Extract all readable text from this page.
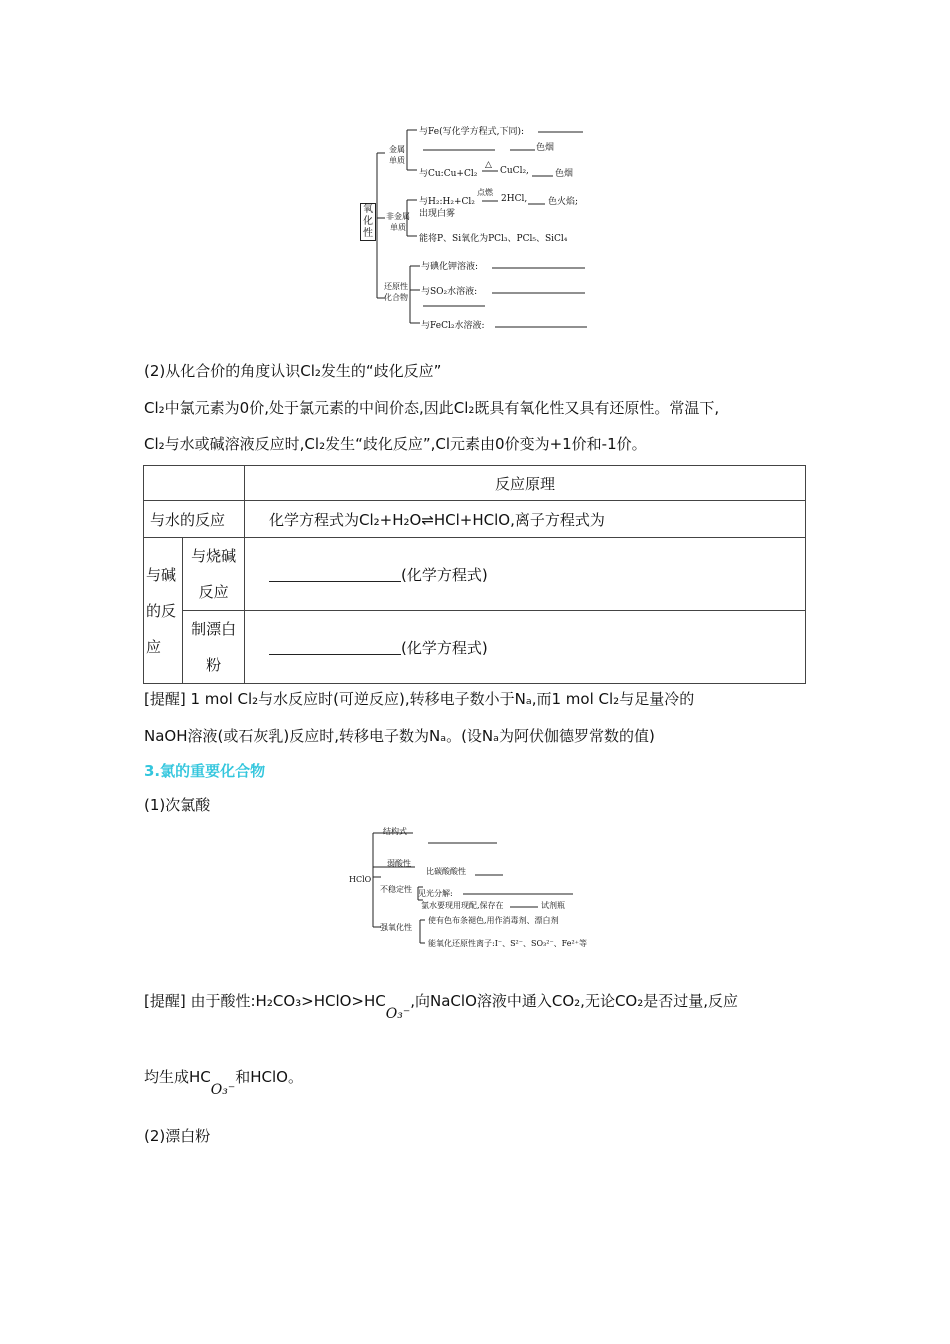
氧化性
金属单质
非金属单质
还原性化合物
与Fe(写化学方程式,下同):
色烟
与Cu:Cu+Cl₂
△
CuCl₂,	色烟
与H₂:H₂+Cl₂
点燃
2HCl, 色火焰;
出现白雾
能将P、Si氧化为PCl₃、PCl₅、SiCl₄
与碘化钾溶液:
与SO₂水溶液:
与FeCl₂水溶液:
(2)从化合价的角度认识Cl₂发生的“歧化反应”
Cl₂中氯元素为0价,处于氯元素的中间价态,因此Cl₂既具有氧化性又具有还原性。常温下,
Cl₂与水或碱溶液反应时,Cl₂发生“歧化反应”,Cl元素由0价变为+1价和-1价。
		反应原理
与水的反应		化学方程式为Cl₂+H₂O⇌HCl+HClO,离子方程式为
与碱的反应	与烧碱反应	(化学方程式)
	制漂白粉	(化学方程式)
[提醒] 1 mol Cl₂与水反应时(可逆反应),转移电子数小于Nₐ,而1 mol Cl₂与足量冷的
NaOH溶液(或石灰乳)反应时,转移电子数为Nₐ。(设Nₐ为阿伏伽德罗常数的值)
3.氯的重要化合物
(1)次氯酸
结构式
弱酸性
比碳酸酸性
HClO
不稳定性 见光分解:
氯水要现用现配,保存在	试剂瓶
强氧化性
使有色布条褪色,用作消毒剂、漂白剂
能氧化还原性离子:I⁻、S²⁻、SO₃²⁻、Fe²⁺等
[提醒] 由于酸性:H₂CO₃>HClO>HCO₃⁻,向NaClO溶液中通入CO₂,无论CO₂是否过量,反应
均生成HCO₃⁻和HClO。
(2)漂白粉
